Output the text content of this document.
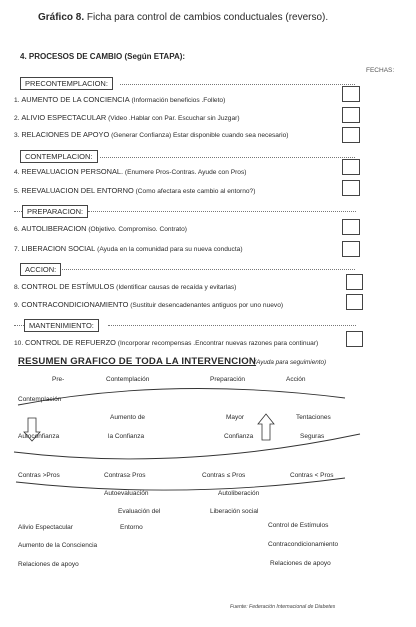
Gráfico 8. Ficha para control de cambios conductuales (reverso).
4. PROCESOS DE CAMBIO (Según ETAPA):
FECHAS:
PRECONTEMPLACION:
CONTEMPLACION:
PREPARACION:
ACCION:
MANTENIMIENTO:
1. AUMENTO DE LA CONCIENCIA (Información beneficios .Folleto)
2. ALIVIO ESPECTACULAR (Video .Hablar con Par. Escuchar sin Juzgar)
3. RELACIONES DE APOYO (Generar Confianza) Estar disponible cuando sea necesario)
4. REEVALUACION PERSONAL. (Enumere Pros-Contras. Ayude con Pros)
5. REEVALUACION DEL ENTORNO (Como afectara este cambio al entorno?)
6. AUTOLIBERACION (Objetivo. Compromiso. Contrato)
7. LIBERACION SOCIAL (Ayuda en la comunidad para su nueva conducta)
8. CONTROL DE ESTÍMULOS (Identificar causas de recaída y evitarlas)
9. CONTRACONDICIONAMIENTO (Sustituir desencadenantes antiguos por uno nuevo)
10. CONTROL DE REFUERZO (Incorporar recompensas .Encontrar nuevas razones para continuar)
RESUMEN GRAFICO DE TODA LA INTERVENCION
(Ayuda para seguimiento)
Pre-	Contemplación	Preparación	Acción
Contemplación
Aumento de
la Confianza
Mayor
Confianza
Tentaciones
Seguras
Autoconfianza
Contras >Pros	Contras≥ Pros	Contras ≤ Pros	Contras < Pros
Autoevaluación	Autoliberación
Evaluación del	Liberación social
Entorno
Alivio Espectacular
Aumento de la Consciencia
Relaciones de apoyo
Control de Estímulos
Contracondicionamiento
Relaciones de apoyo
Fuente: Federación Internacional de Diabetes
